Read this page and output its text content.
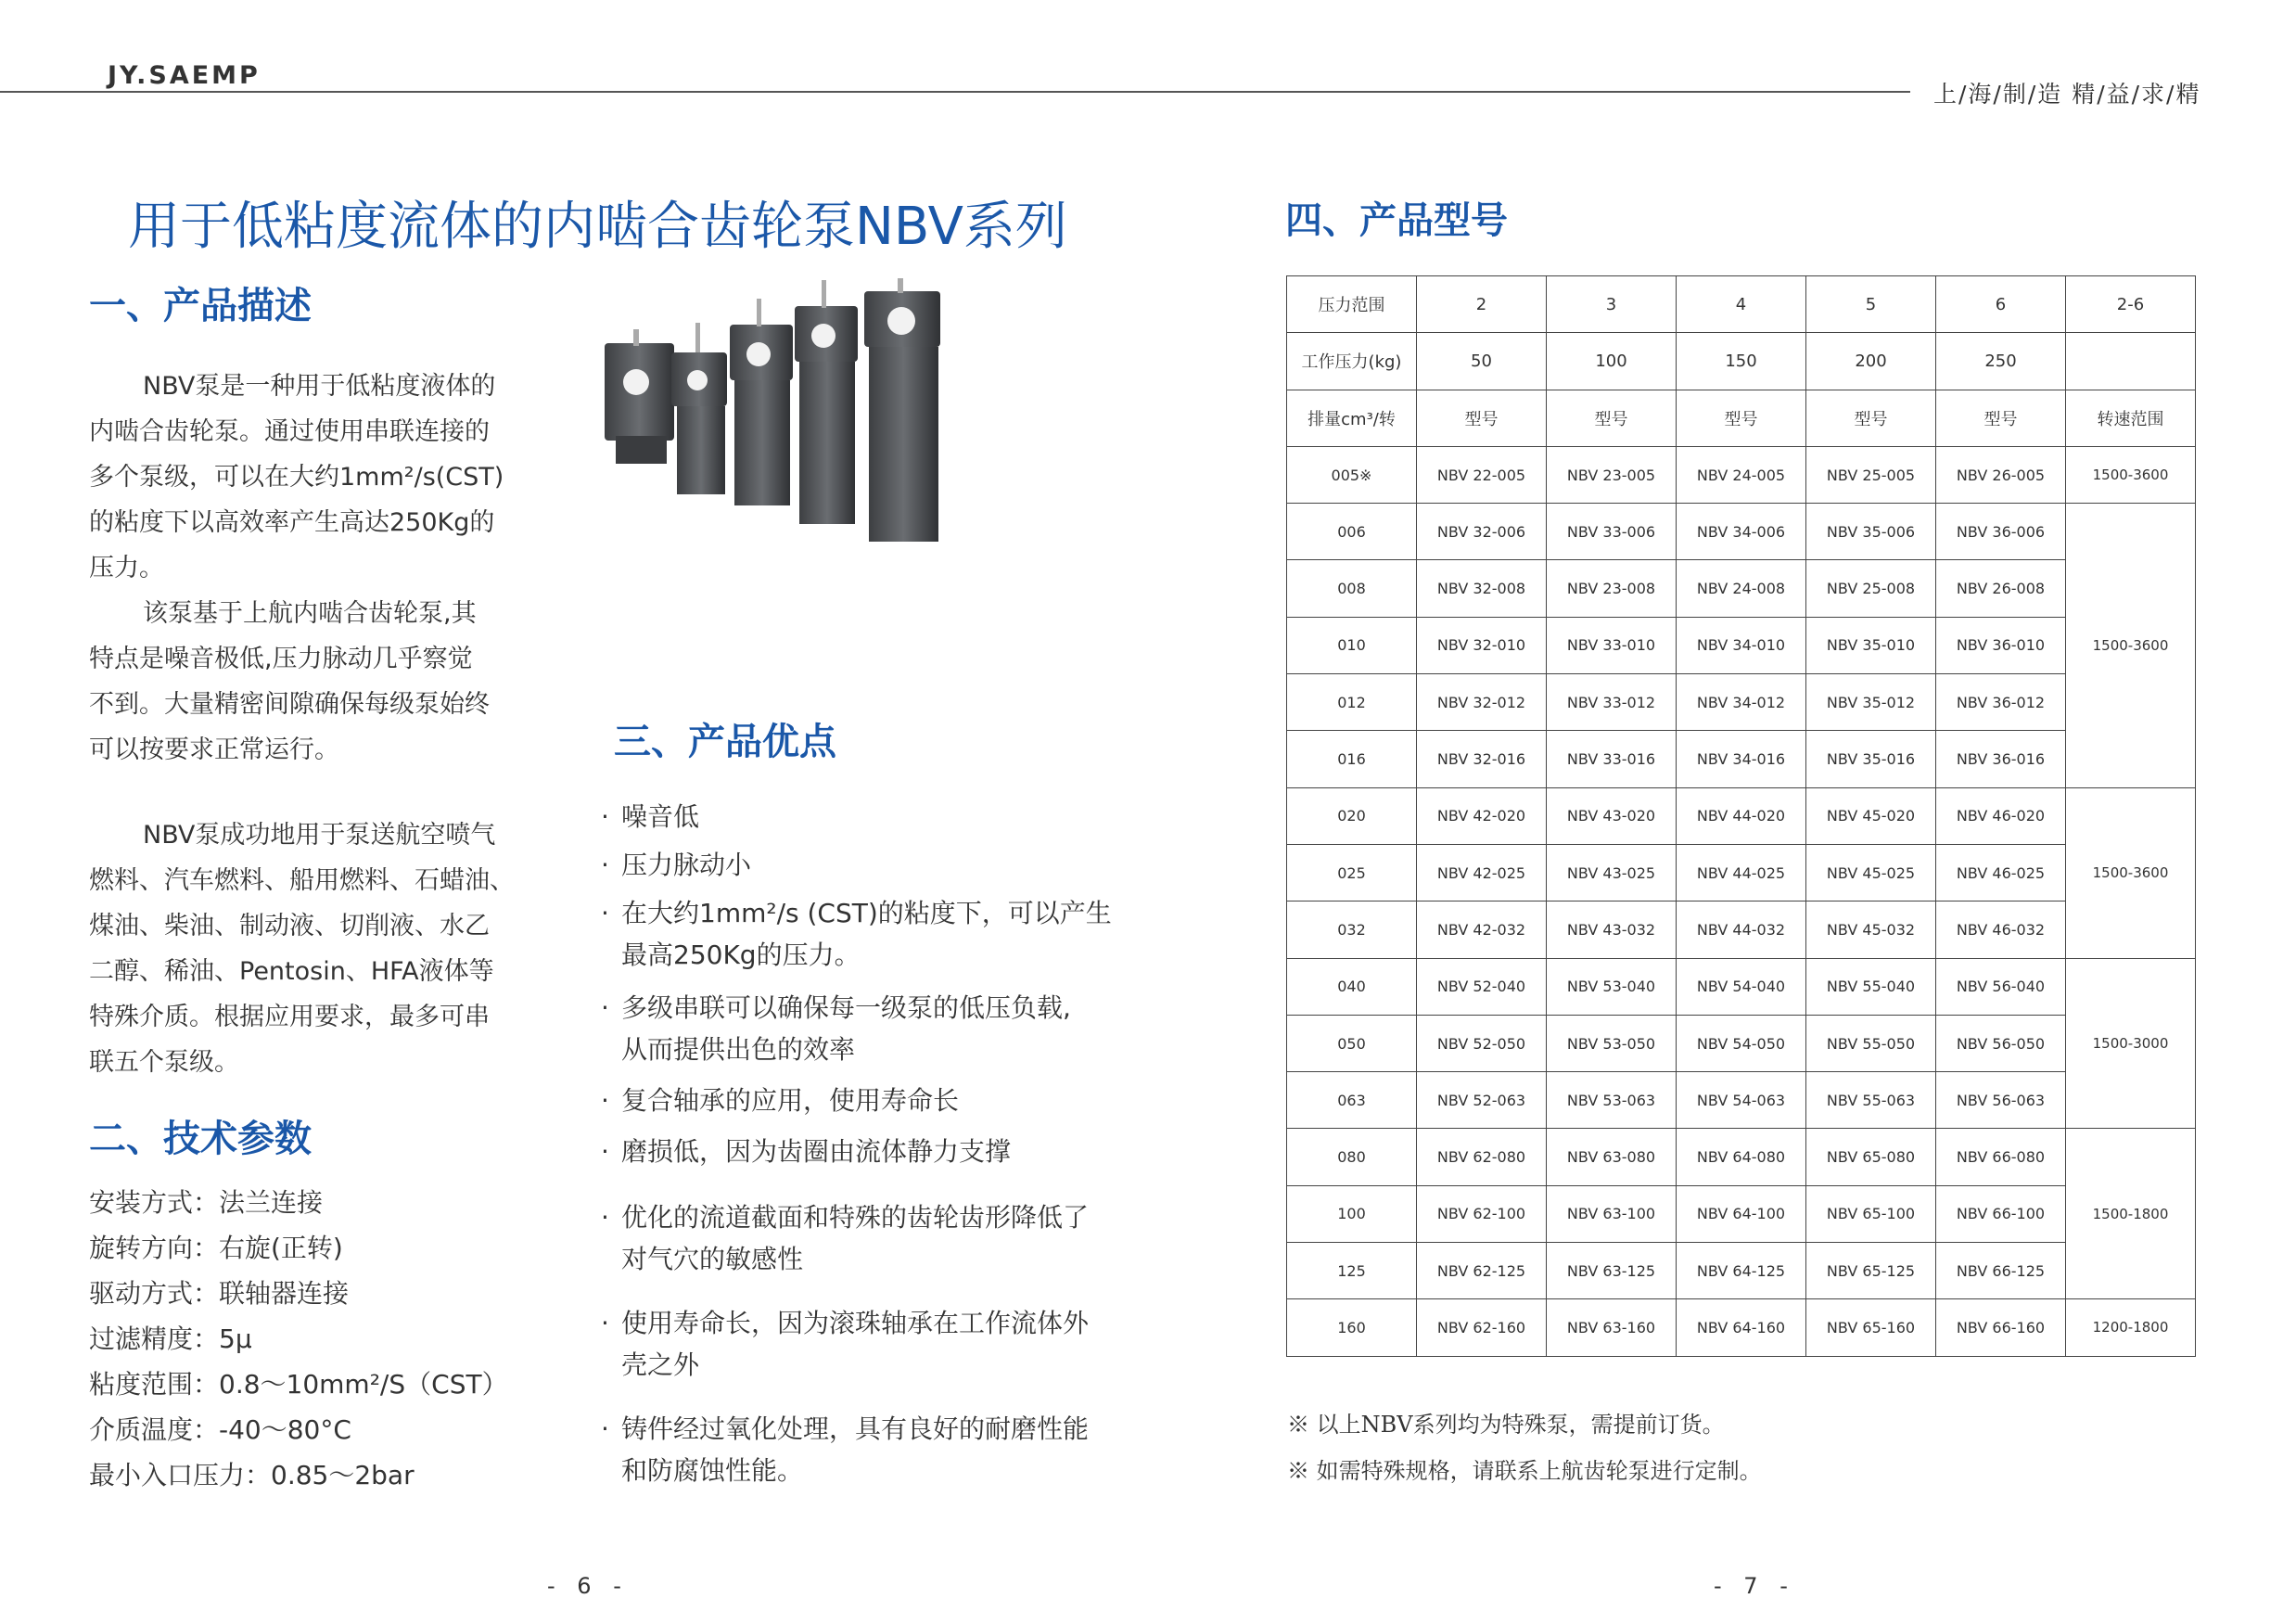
JY.SAEMP
上/海/制/造 精/益/求/精
用于低粘度流体的内啮合齿轮泵NBV系列
一、产品描述

NBV泵是一种用于低粘度液体的

内啮合齿轮泵。通过使用串联连接的

多个泵级，可以在大约1mm²/s(CST)

的粘度下以高效率产生高达250Kg的

压力。

该泵基于上航内啮合齿轮泵,其

特点是噪音极低,压力脉动几乎察觉

不到。大量精密间隙确保每级泵始终

可以按要求正常运行。

NBV泵成功地用于泵送航空喷气

燃料、汽车燃料、船用燃料、石蜡油、

煤油、柴油、制动液、切削液、水乙

二醇、稀油、Pentosin、HFA液体等

特殊介质。根据应用要求，最多可串

联五个泵级。

三、产品优点
· 噪音低
· 压力脉动小
· 在大约1mm²/s (CST)的粘度下，可以产生
最高250Kg的压力。
· 多级串联可以确保每一级泵的低压负载,
从而提供出色的效率
· 复合轴承的应用，使用寿命长
· 磨损低，因为齿圈由流体静力支撑
· 优化的流道截面和特殊的齿轮齿形降低了
对气穴的敏感性
· 使用寿命长，因为滚珠轴承在工作流体外
壳之外
· 铸件经过氧化处理，具有良好的耐磨性能
和防腐蚀性能。
二、技术参数
安装方式：法兰连接
旋转方向：右旋(正转)
驱动方式：联轴器连接
过滤精度：5μ
粘度范围：0.8～10mm²/S（CST）
介质温度：-40～80°C
最小入口压力：0.85～2bar
- 6 -
四、产品型号
压力范围	2	3	4	5	6	2-6
工作压力(kg)	50	100	150	200	250	
排量cm³/转	型号	型号	型号	型号	型号	转速范围
005※	NBV 22-005	NBV 23-005	NBV 24-005	NBV 25-005	NBV 26-005	1500-3600
006	NBV 32-006	NBV 33-006	NBV 34-006	NBV 35-006	NBV 36-006	1500-3600
008	NBV 32-008	NBV 23-008	NBV 24-008	NBV 25-008	NBV 26-008	
010	NBV 32-010	NBV 33-010	NBV 34-010	NBV 35-010	NBV 36-010	
012	NBV 32-012	NBV 33-012	NBV 34-012	NBV 35-012	NBV 36-012	
016	NBV 32-016	NBV 33-016	NBV 34-016	NBV 35-016	NBV 36-016	
020	NBV 42-020	NBV 43-020	NBV 44-020	NBV 45-020	NBV 46-020	1500-3600
025	NBV 42-025	NBV 43-025	NBV 44-025	NBV 45-025	NBV 46-025	
032	NBV 42-032	NBV 43-032	NBV 44-032	NBV 45-032	NBV 46-032	
040	NBV 52-040	NBV 53-040	NBV 54-040	NBV 55-040	NBV 56-040	1500-3000
050	NBV 52-050	NBV 53-050	NBV 54-050	NBV 55-050	NBV 56-050	
063	NBV 52-063	NBV 53-063	NBV 54-063	NBV 55-063	NBV 56-063	
080	NBV 62-080	NBV 63-080	NBV 64-080	NBV 65-080	NBV 66-080	1500-1800
100	NBV 62-100	NBV 63-100	NBV 64-100	NBV 65-100	NBV 66-100	
125	NBV 62-125	NBV 63-125	NBV 64-125	NBV 65-125	NBV 66-125	
160	NBV 62-160	NBV 63-160	NBV 64-160	NBV 65-160	NBV 66-160	1200-1800
※ 以上NBV系列均为特殊泵，需提前订货。
※ 如需特殊规格，请联系上航齿轮泵进行定制。
- 7 -
